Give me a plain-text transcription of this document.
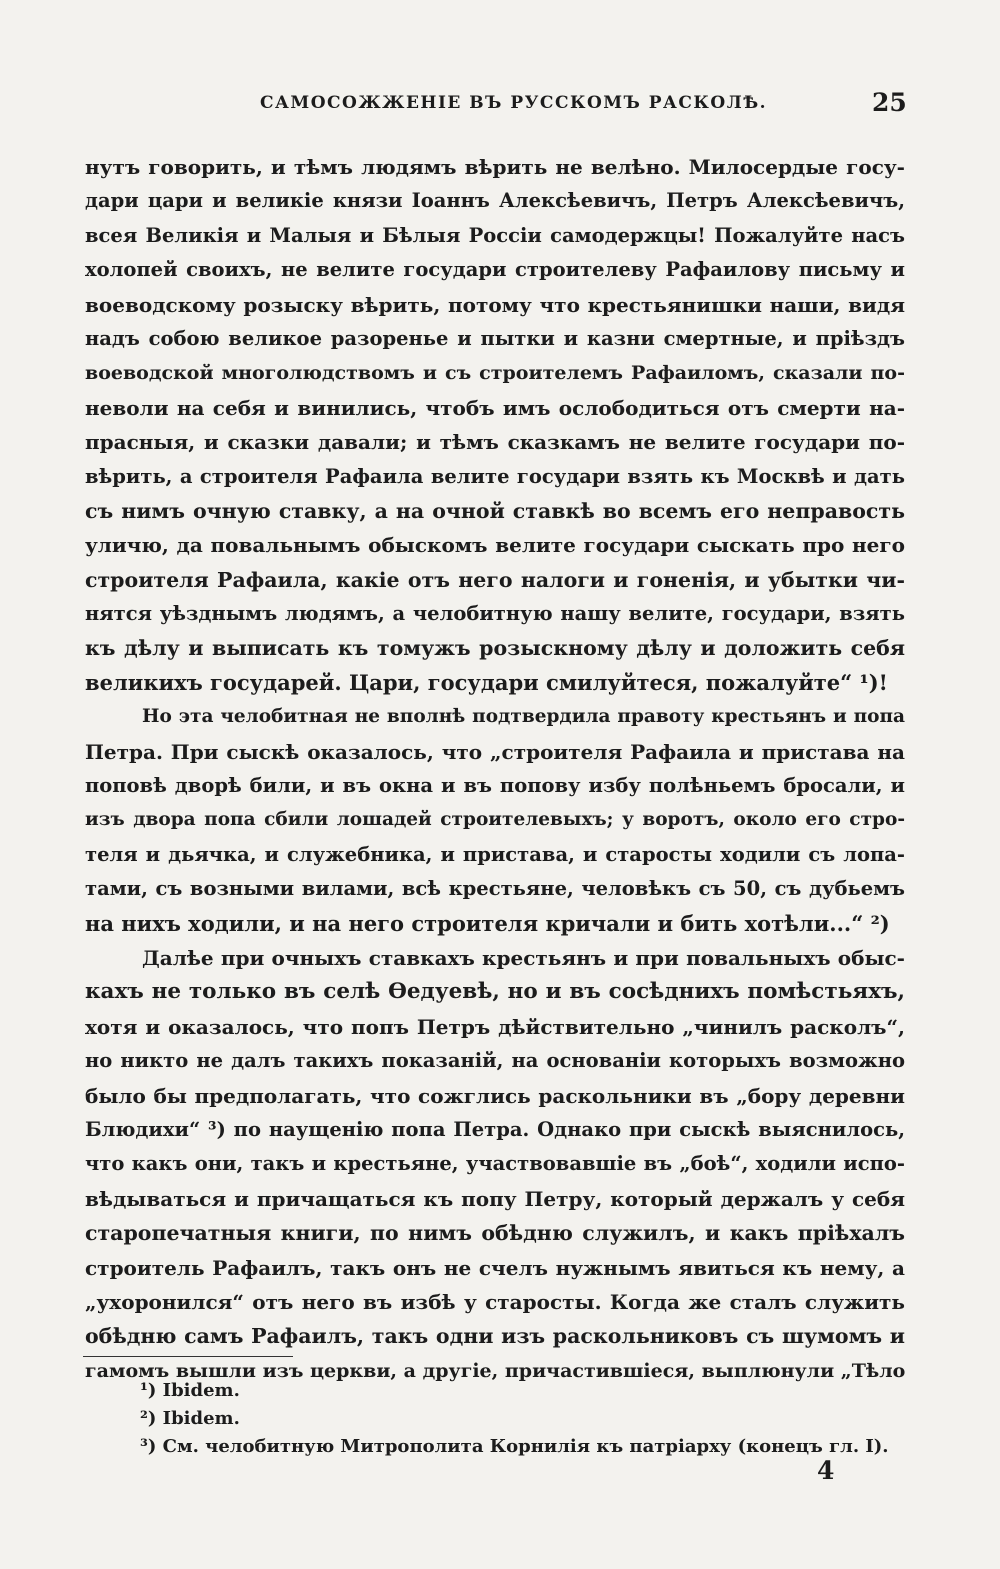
САМОСОЖЖЕНІЕ ВЪ РУССКОМЪ РАСКОЛѢ.	25
нутъ говорить, и тѣмъ людямъ вѣрить не велѣно. Милосердые госу-
дари цари и великіе князи Іоаннъ Алексѣевичъ, Петръ Алексѣевичъ,
всея Великія и Малыя и Бѣлыя Россіи самодержцы! Пожалуйте насъ
холопей своихъ, не велите государи строителеву Рафаилову письму и
воеводскому розыску вѣрить, потому что крестьянишки наши, видя
надъ собою великое разоренье и пытки и казни смертные, и пріѣздъ
воеводской многолюдствомъ и съ строителемъ Рафаиломъ, сказали по-
неволи на себя и винились, чтобъ имъ ослободиться отъ смерти на-
прасныя, и сказки давали; и тѣмъ сказкамъ не велите государи по-
вѣрить, а строителя Рафаила велите государи взять къ Москвѣ и дать
съ нимъ очную ставку, а на очной ставкѣ во всемъ его неправость
уличю, да повальнымъ обыскомъ велите государи сыскать про него
строителя Рафаила, какіе отъ него налоги и гоненія, и убытки чи-
нятся уѣзднымъ людямъ, а челобитную нашу велите, государи, взять
къ дѣлу и выписать къ томужъ розыскному дѣлу и доложить себя
великихъ государей. Цари, государи смилуйтеся, пожалуйте“ ¹)!
Но эта челобитная не вполнѣ подтвердила правоту крестьянъ и попа
Петра. При сыскѣ оказалось, что „строителя Рафаила и пристава на
поповѣ дворѣ били, и въ окна и въ попову избу полѣньемъ бросали, и
изъ двора попа сбили лошадей строителевыхъ; у воротъ, около его стро-
теля и дьячка, и служебника, и пристава, и старосты ходили съ лопа-
тами, съ возными вилами, всѣ крестьяне, человѣкъ съ 50, съ дубьемъ
на нихъ ходили, и на него строителя кричали и бить хотѣли...“ ²)
Далѣе при очныхъ ставкахъ крестьянъ и при повальныхъ обыс-
кахъ не только въ селѣ Ѳедуевѣ, но и въ сосѣднихъ помѣстьяхъ,
хотя и оказалось, что попъ Петръ дѣйствительно „чинилъ расколъ“,
но никто не далъ такихъ показаній, на основаніи которыхъ возможно
было бы предполагать, что сожглись раскольники въ „бору деревни
Блюдихи“ ³) по наущенію попа Петра. Однако при сыскѣ выяснилось,
что какъ они, такъ и крестьяне, участвовавшіе въ „боѣ“, ходили испо-
вѣдываться и причащаться къ попу Петру, который держалъ у себя
старопечатныя книги, по нимъ обѣдню служилъ, и какъ пріѣхалъ
строитель Рафаилъ, такъ онъ не счелъ нужнымъ явиться къ нему, а
„ухоронился“ отъ него въ избѣ у старосты. Когда же сталъ служить
обѣдню самъ Рафаилъ, такъ одни изъ раскольниковъ съ шумомъ и
гамомъ вышли изъ церкви, а другіе, причастившіеся, выплюнули „Тѣло
¹) Ibidem.
²) Ibidem.
³) См. челобитную Митрополита Корнилія къ патріарху (конецъ гл. I).
4
